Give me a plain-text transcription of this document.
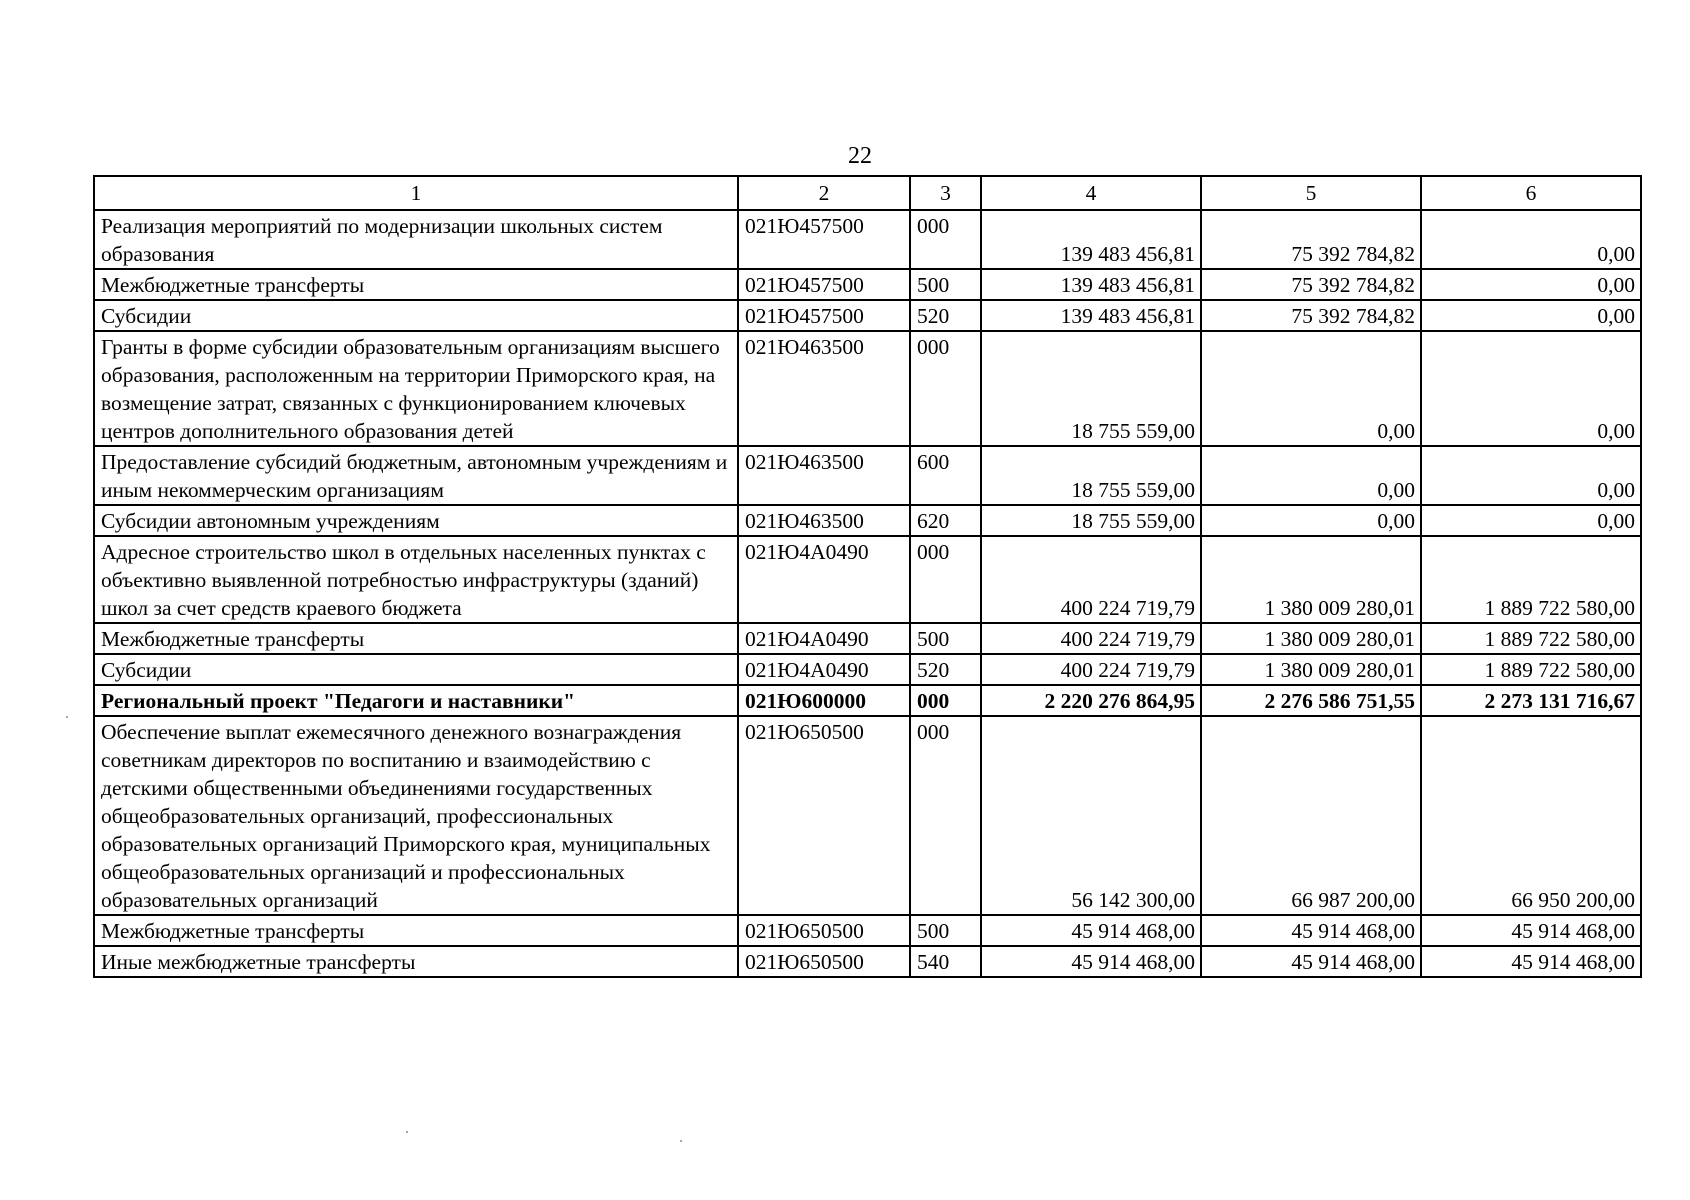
22
1	2	3	4	5	6
Реализация мероприятий по модернизации школьных систем образования	021Ю457500	000	139 483 456,81	75 392 784,82	0,00
Межбюджетные трансферты	021Ю457500	500	139 483 456,81	75 392 784,82	0,00
Субсидии	021Ю457500	520	139 483 456,81	75 392 784,82	0,00
Гранты в форме субсидии образовательным организациям высшего образования, расположенным на территории Приморского края, на возмещение затрат, связанных с функционированием ключевых центров дополнительного образования детей	021Ю463500	000	18 755 559,00	0,00	0,00
Предоставление субсидий бюджетным, автономным учреждениям и иным некоммерческим организациям	021Ю463500	600	18 755 559,00	0,00	0,00
Субсидии автономным учреждениям	021Ю463500	620	18 755 559,00	0,00	0,00
Адресное строительство школ в отдельных населенных пунктах с объективно выявленной потребностью инфраструктуры (зданий) школ за счет средств краевого бюджета	021Ю4А0490	000	400 224 719,79	1 380 009 280,01	1 889 722 580,00
Межбюджетные трансферты	021Ю4А0490	500	400 224 719,79	1 380 009 280,01	1 889 722 580,00
Субсидии	021Ю4А0490	520	400 224 719,79	1 380 009 280,01	1 889 722 580,00
Региональный проект "Педагоги и наставники"	021Ю600000	000	2 220 276 864,95	2 276 586 751,55	2 273 131 716,67
Обеспечение выплат ежемесячного денежного вознаграждения советникам директоров по воспитанию и взаимодействию с детскими общественными объединениями государственных общеобразовательных организаций, профессиональных образовательных организаций Приморского края, муниципальных общеобразовательных организаций и профессиональных образовательных организаций	021Ю650500	000	56 142 300,00	66 987 200,00	66 950 200,00
Межбюджетные трансферты	021Ю650500	500	45 914 468,00	45 914 468,00	45 914 468,00
Иные межбюджетные трансферты	021Ю650500	540	45 914 468,00	45 914 468,00	45 914 468,00
